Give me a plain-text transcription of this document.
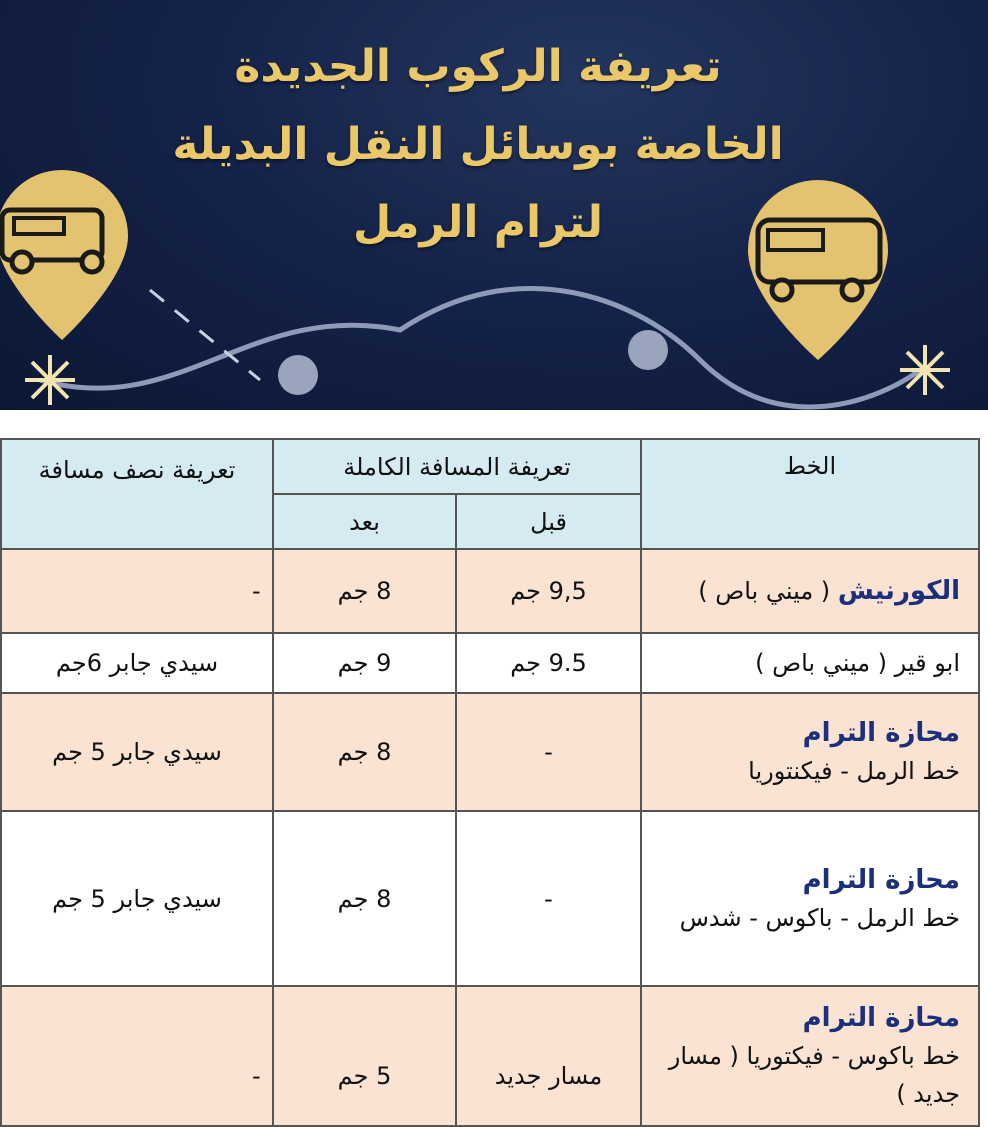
تعريفة الركوب الجديدة
الخاصة بوسائل النقل البديلة
لترام الرمل
الخط	تعريفة المسافة الكاملة		تعريفة نصف مسافة
	قبل	بعد	
الكورنيش ( ميني باص )	9,5 جم	8 جم	-
ابو قير ( ميني باص )	9.5 جم	9 جم	سيدي جابر 6جم

محازة الترام
خط الرمل - فيكنتوريا	-	8 جم	سيدي جابر 5 جم

محازة الترام
خط الرمل - باكوس - شدس	-	8 جم	سيدي جابر 5 جم

محازة الترام
خط باكوس - فيكتوريا ( مسار جديد )	مسار جديد	5 جم	-
